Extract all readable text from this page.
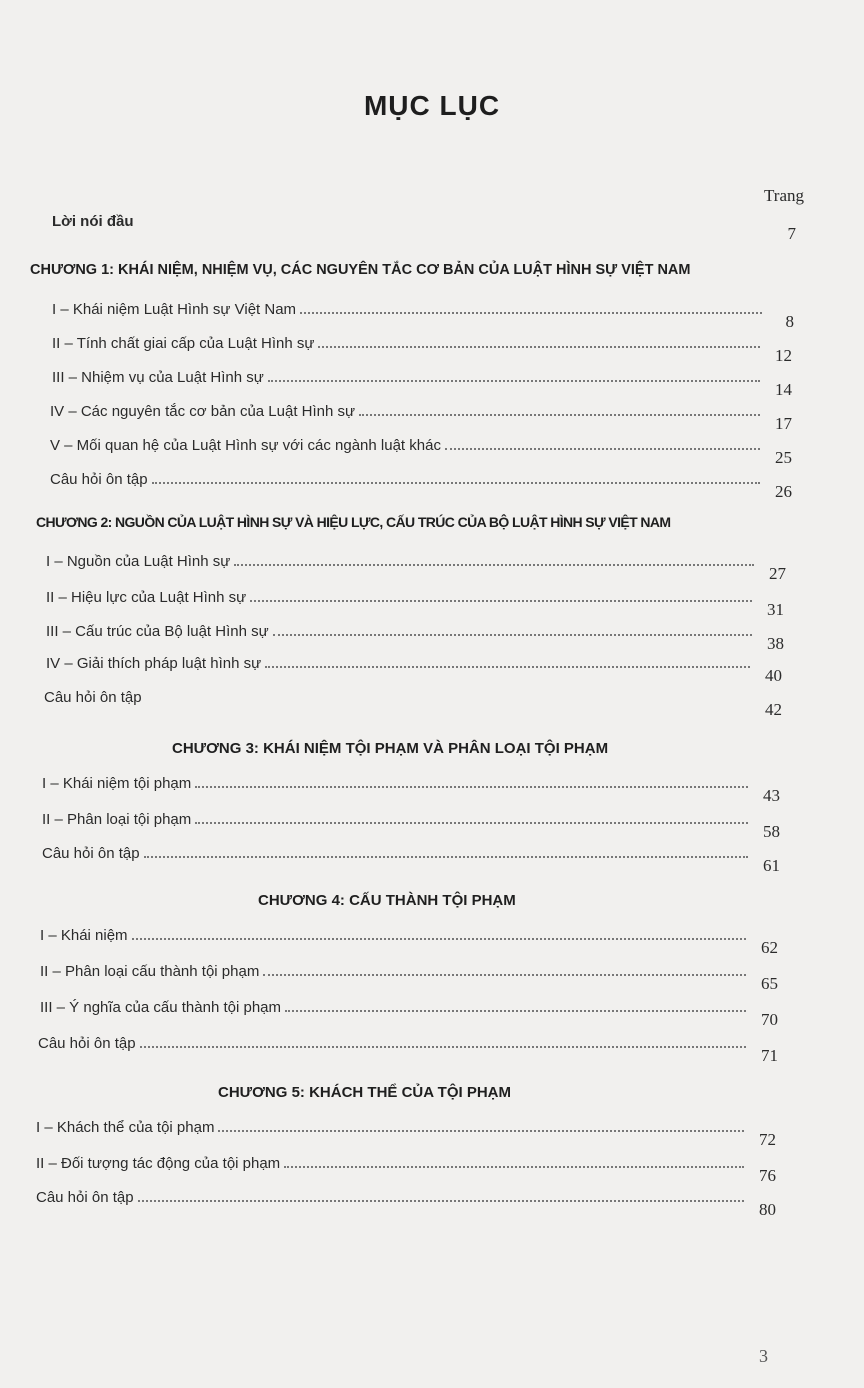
MỤC LỤC
Trang
Lời nói đầu
7
CHƯƠNG 1: KHÁI NIỆM, NHIỆM VỤ, CÁC NGUYÊN TẮC CƠ BẢN CỦA LUẬT HÌNH SỰ VIỆT NAM
I – Khái niệm Luật Hình sự Việt Nam
8
II – Tính chất giai cấp của Luật Hình sự
12
III – Nhiệm vụ của Luật Hình sự
14
IV – Các nguyên tắc cơ bản của Luật Hình sự
17
V – Mối quan hệ của Luật Hình sự với các ngành luật khác
25
Câu hỏi ôn tập
26
CHƯƠNG 2: NGUỒN CỦA LUẬT HÌNH SỰ VÀ HIỆU LỰC, CẤU TRÚC CỦA BỘ LUẬT HÌNH SỰ VIỆT NAM
I – Nguồn của Luật Hình sự
27
II – Hiệu lực của Luật Hình sự
31
III – Cấu trúc của Bộ luật Hình sự
38
IV – Giải thích pháp luật hình sự
40
Câu hỏi ôn tập
42
CHƯƠNG 3: KHÁI NIỆM TỘI PHẠM VÀ PHÂN LOẠI TỘI PHẠM
I – Khái niệm tội phạm
43
II – Phân loại tội phạm
58
Câu hỏi ôn tập
61
CHƯƠNG 4: CẤU THÀNH TỘI PHẠM
I – Khái niệm
62
II – Phân loại cấu thành tội phạm
65
III – Ý nghĩa của cấu thành tội phạm
70
Câu hỏi ôn tập
71
CHƯƠNG 5: KHÁCH THỂ CỦA TỘI PHẠM
I – Khách thể của tội phạm
72
II – Đối tượng tác động của tội phạm
76
Câu hỏi ôn tập
80
3
